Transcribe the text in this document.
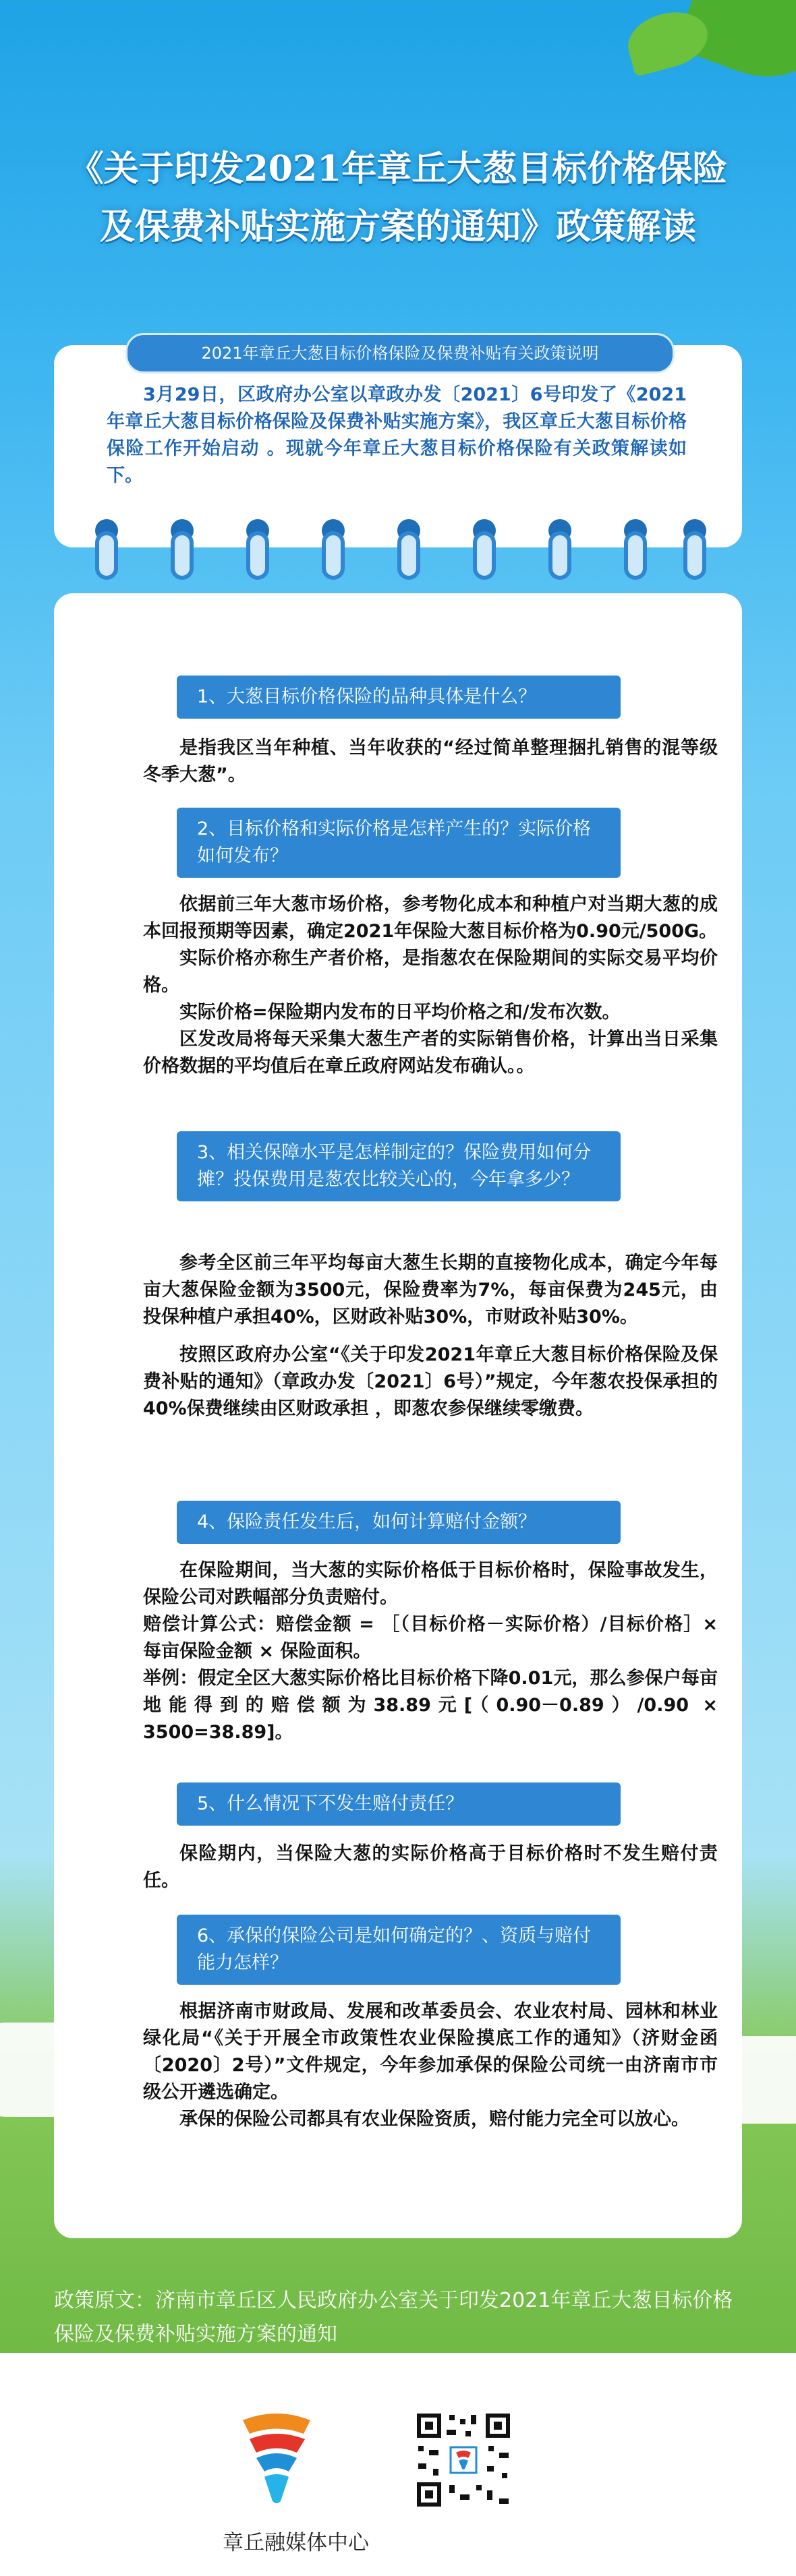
《关于印发2021年章丘大葱目标价格保险
及保费补贴实施方案的通知》政策解读
2021年章丘大葱目标价格保险及保费补贴有关政策说明
3月29日，区政府办公室以章政办发〔2021〕6号印发了《2021年章丘大葱目标价格保险及保费补贴实施方案》，我区章丘大葱目标价格保险工作开始启动 。现就今年章丘大葱目标价格保险有关政策解读如下。
1、大葱目标价格保险的品种具体是什么？

是指我区当年种植、当年收获的“经过简单整理捆扎销售的混等级冬季大葱”。

2、目标价格和实际价格是怎样产生的？实际价格如何发布？

依据前三年大葱市场价格，参考物化成本和种植户对当期大葱的成本回报预期等因素，确定2021年保险大葱目标价格为0.90元/500G。

实际价格亦称生产者价格，是指葱农在保险期间的实际交易平均价格。

实际价格=保险期内发布的日平均价格之和/发布次数。

区发改局将每天采集大葱生产者的实际销售价格，计算出当日采集价格数据的平均值后在章丘政府网站发布确认。。

3、相关保障水平是怎样制定的？保险费用如何分摊？投保费用是葱农比较关心的，今年拿多少？

参考全区前三年平均每亩大葱生长期的直接物化成本，确定今年每亩大葱保险金额为3500元，保险费率为7%，每亩保费为245元，由投保种植户承担40%，区财政补贴30%，市财政补贴30%。

按照区政府办公室“《关于印发2021年章丘大葱目标价格保险及保费补贴的通知》（章政办发〔2021〕6号）”规定，今年葱农投保承担的40%保费继续由区财政承担 ，即葱农参保继续零缴费。

4、保险责任发生后，如何计算赔付金额？

在保险期间，当大葱的实际价格低于目标价格时，保险事故发生，保险公司对跌幅部分负责赔付。

赔偿计算公式：赔偿金额 = ［（目标价格－实际价格）/目标价格］× 每亩保险金额 × 保险面积。

举例：假定全区大葱实际价格比目标价格下降0.01元，那么参保户每亩地能得到的赔偿额为38.89元[（0.90－0.89）/0.90 × 3500=38.89]。

5、什么情况下不发生赔付责任？

保险期内，当保险大葱的实际价格高于目标价格时不发生赔付责任。

6、承保的保险公司是如何确定的？、资质与赔付能力怎样？

根据济南市财政局、发展和改革委员会、农业农村局、园林和林业绿化局“《关于开展全市政策性农业保险摸底工作的通知》（济财金函〔2020〕2号）”文件规定，今年参加承保的保险公司统一由济南市市级公开遴选确定。

承保的保险公司都具有农业保险资质，赔付能力完全可以放心。

政策原文：济南市章丘区人民政府办公室关于印发2021年章丘大葱目标价格保险及保费补贴实施方案的通知
章丘融媒体中心
